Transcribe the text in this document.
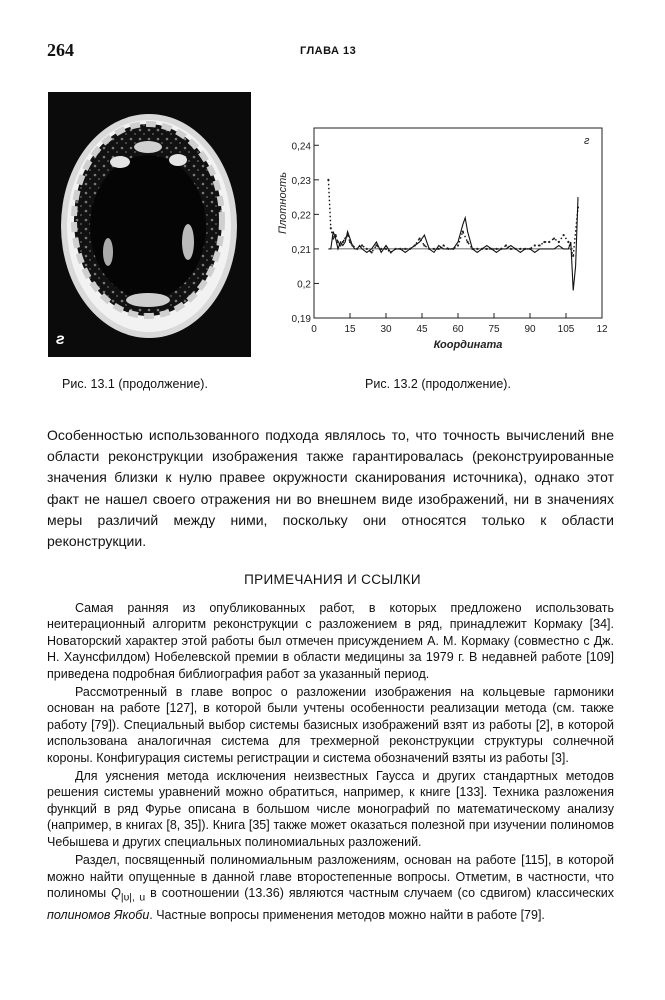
264	ГЛАВА 13
г
0,19
0,2
0,21
0,22
0,23
0,24
0	15 30 45 60 75 90 105 12
Плотность
Координата
г
Рис. 13.1 (продолжение).	Рис. 13.2 (продолжение).

Особенностью использованного подхода являлось то, что точность вычислений вне области реконструкции изображения также гарантировалась (реконструированные значения близки к нулю правее окружности сканирования источника), однако этот факт не нашел своего отражения ни во внешнем виде изображений, ни в значениях меры различий между ними, поскольку они относятся только к области реконструкции.

ПРИМЕЧАНИЯ И ССЫЛКИ

Самая ранняя из опубликованных работ, в которых предложено использовать неитерационный алгоритм реконструкции с разложением в ряд, принадлежит Кормаку [34]. Новаторский характер этой работы был отмечен присуждением А. М. Кормаку (совместно с Дж. Н. Хаунсфилдом) Нобелевской премии в области медицины за 1979 г. В недавней работе [109] приведена подробная библиография работ за указанный период.

Рассмотренный в главе вопрос о разложении изображения на кольцевые гармоники основан на работе [127], в которой были учтены особенности реализации метода (см. также работу [79]). Специальный выбор системы базисных изображений взят из работы [2], в которой использована аналогичная система для трехмерной реконструкции структуры солнечной короны. Конфигурация системы регистрации и система обозначений взяты из работы [3].

Для уяснения метода исключения неизвестных Гаусса и других стандартных методов решения системы уравнений можно обратиться, например, к книге [133]. Техника разложения функций в ряд Фурье описана в большом числе монографий по математическому анализу (например, в книгах [8, 35]). Книга [35] также может оказаться полезной при изучении полиномов Чебышева и других специальных полиномиальных разложений.

Раздел, посвященный полиномиальным разложениям, основан на работе [115], в которой можно найти опущенные в данной главе второстепенные вопросы. Отметим, в частности, что полиномы $Q_{|\upsilon|, u}$ в соотношении (13.36) являются частным случаем (со сдвигом) классических полиномов Якоби. Частные вопросы применения методов можно найти в работе [79].
